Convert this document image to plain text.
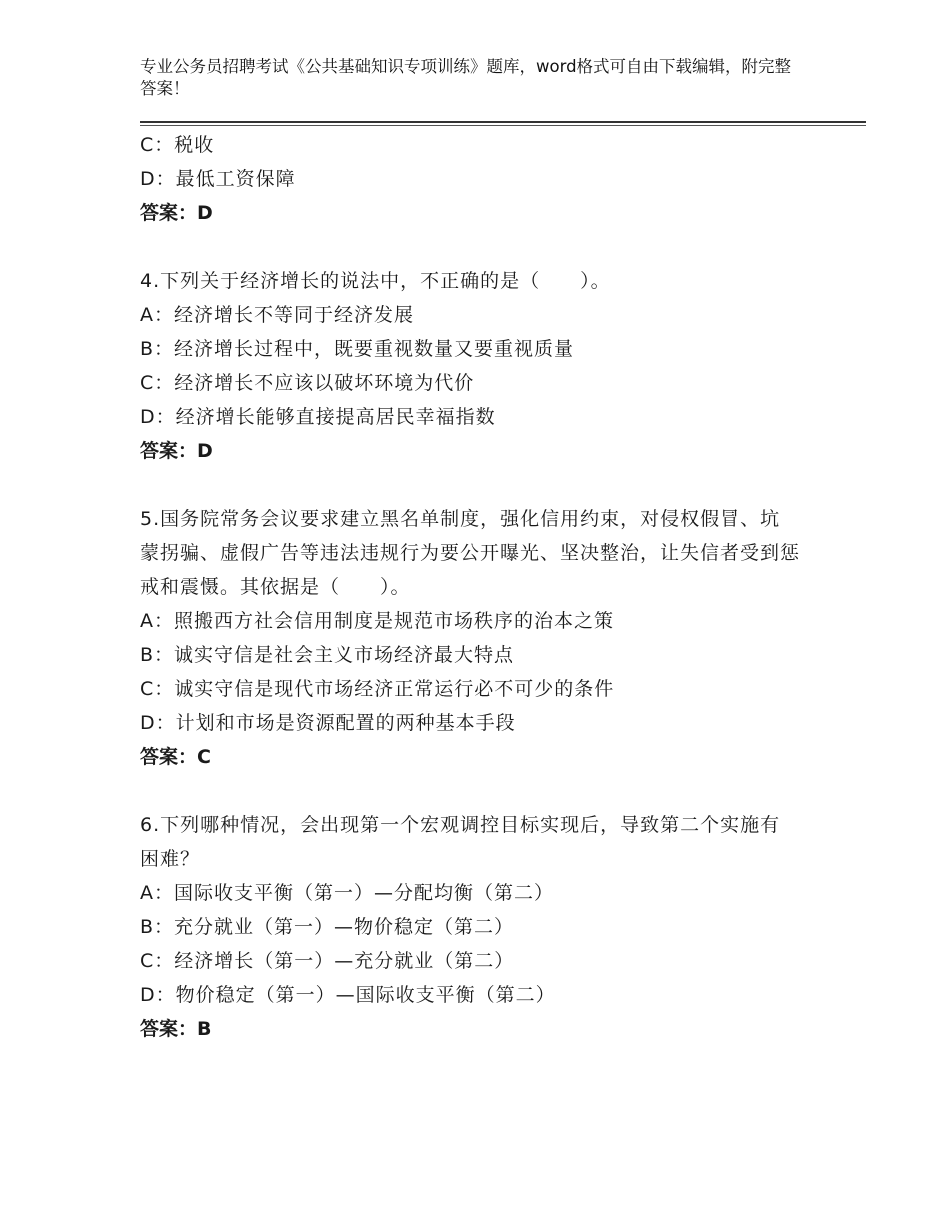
专业公务员招聘考试《公共基础知识专项训练》题库，word格式可自由下载编辑，附完整答案！
C：税收
D：最低工资保障
答案：D
4.下列关于经济增长的说法中，不正确的是（　　）。
A：经济增长不等同于经济发展
B：经济增长过程中，既要重视数量又要重视质量
C：经济增长不应该以破坏环境为代价
D：经济增长能够直接提高居民幸福指数
答案：D
5.国务院常务会议要求建立黑名单制度，强化信用约束，对侵权假冒、坑蒙拐骗、虚假广告等违法违规行为要公开曝光、坚决整治，让失信者受到惩戒和震慑。其依据是（　　）。
A：照搬西方社会信用制度是规范市场秩序的治本之策
B：诚实守信是社会主义市场经济最大特点
C：诚实守信是现代市场经济正常运行必不可少的条件
D：计划和市场是资源配置的两种基本手段
答案：C
6.下列哪种情况，会出现第一个宏观调控目标实现后，导致第二个实施有困难？
A：国际收支平衡（第一）—分配均衡（第二）
B：充分就业（第一）—物价稳定（第二）
C：经济增长（第一）—充分就业（第二）
D：物价稳定（第一）—国际收支平衡（第二）
答案：B
